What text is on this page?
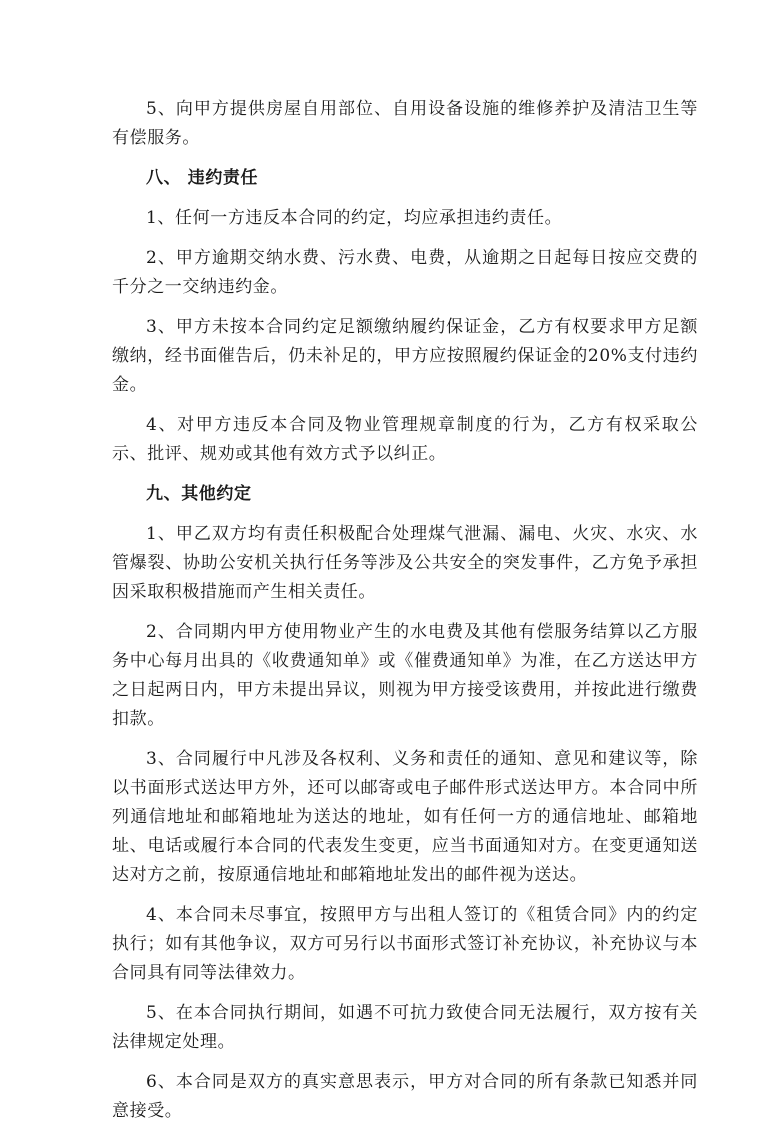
5、向甲方提供房屋自用部位、自用设备设施的维修养护及清洁卫生等有偿服务。

八、 违约责任

1、任何一方违反本合同的约定，均应承担违约责任。

2、甲方逾期交纳水费、污水费、电费，从逾期之日起每日按应交费的千分之一交纳违约金。

3、甲方未按本合同约定足额缴纳履约保证金，乙方有权要求甲方足额缴纳，经书面催告后，仍未补足的，甲方应按照履约保证金的20%支付违约金。

4、对甲方违反本合同及物业管理规章制度的行为，乙方有权采取公示、批评、规劝或其他有效方式予以纠正。

九、其他约定

1、甲乙双方均有责任积极配合处理煤气泄漏、漏电、火灾、水灾、水管爆裂、协助公安机关执行任务等涉及公共安全的突发事件，乙方免予承担因采取积极措施而产生相关责任。

2、合同期内甲方使用物业产生的水电费及其他有偿服务结算以乙方服务中心每月出具的《收费通知单》或《催费通知单》为准，在乙方送达甲方之日起两日内，甲方未提出异议，则视为甲方接受该费用，并按此进行缴费扣款。

3、合同履行中凡涉及各权利、义务和责任的通知、意见和建议等，除以书面形式送达甲方外，还可以邮寄或电子邮件形式送达甲方。本合同中所列通信地址和邮箱地址为送达的地址，如有任何一方的通信地址、邮箱地址、电话或履行本合同的代表发生变更，应当书面通知对方。在变更通知送达对方之前，按原通信地址和邮箱地址发出的邮件视为送达。

4、本合同未尽事宜，按照甲方与出租人签订的《租赁合同》内的约定执行；如有其他争议，双方可另行以书面形式签订补充协议，补充协议与本合同具有同等法律效力。

5、在本合同执行期间，如遇不可抗力致使合同无法履行，双方按有关法律规定处理。

6、本合同是双方的真实意思表示，甲方对合同的所有条款已知悉并同意接受。
